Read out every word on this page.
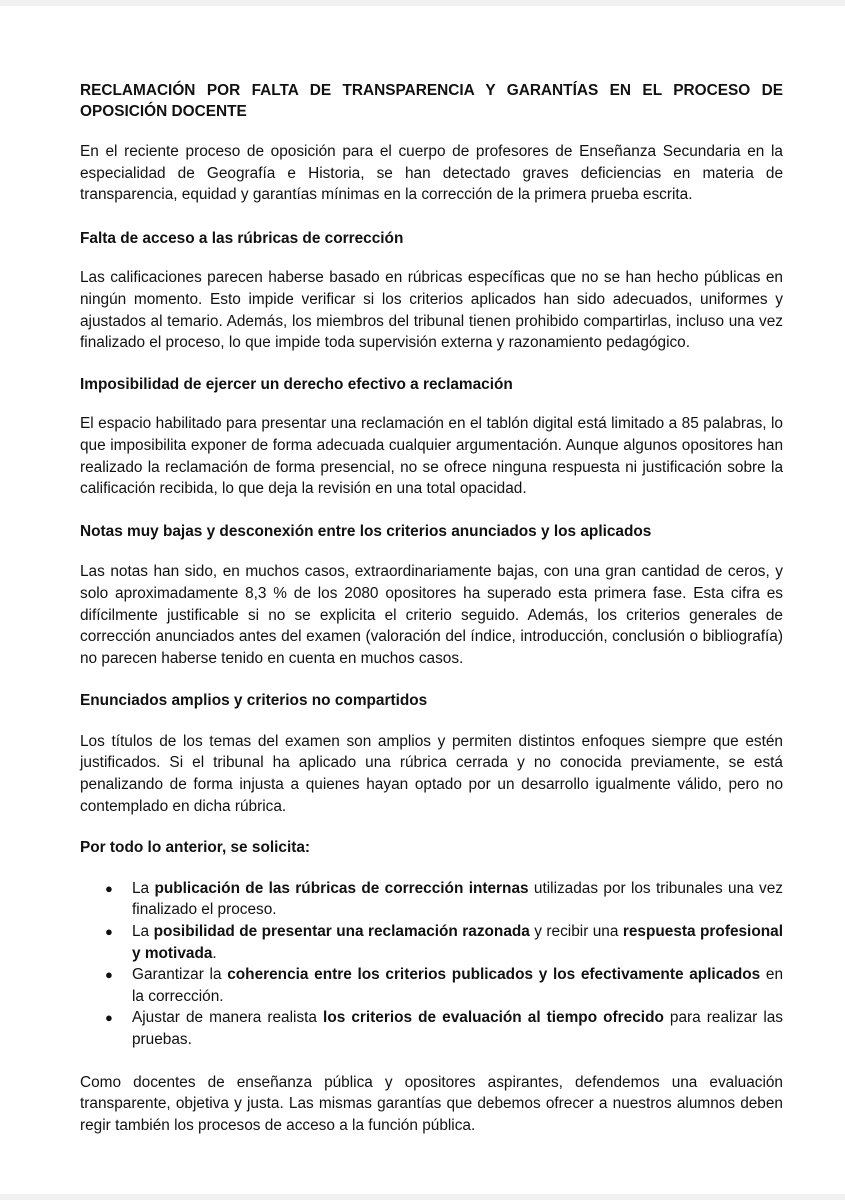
RECLAMACIÓN POR FALTA DE TRANSPARENCIA Y GARANTÍAS EN EL PROCESO DE OPOSICIÓN DOCENTE

En el reciente proceso de oposición para el cuerpo de profesores de Enseñanza Secundaria en la especialidad de Geografía e Historia, se han detectado graves deficiencias en materia de transparencia, equidad y garantías mínimas en la corrección de la primera prueba escrita.

Falta de acceso a las rúbricas de corrección

Las calificaciones parecen haberse basado en rúbricas específicas que no se han hecho públicas en ningún momento. Esto impide verificar si los criterios aplicados han sido adecuados, uniformes y ajustados al temario. Además, los miembros del tribunal tienen prohibido compartirlas, incluso una vez finalizado el proceso, lo que impide toda supervisión externa y razonamiento pedagógico.

Imposibilidad de ejercer un derecho efectivo a reclamación

El espacio habilitado para presentar una reclamación en el tablón digital está limitado a 85 palabras, lo que imposibilita exponer de forma adecuada cualquier argumentación. Aunque algunos opositores han realizado la reclamación de forma presencial, no se ofrece ninguna respuesta ni justificación sobre la calificación recibida, lo que deja la revisión en una total opacidad.

Notas muy bajas y desconexión entre los criterios anunciados y los aplicados

Las notas han sido, en muchos casos, extraordinariamente bajas, con una gran cantidad de ceros, y solo aproximadamente 8,3 % de los 2080 opositores ha superado esta primera fase. Esta cifra es difícilmente justificable si no se explicita el criterio seguido. Además, los criterios generales de corrección anunciados antes del examen (valoración del índice, introducción, conclusión o bibliografía) no parecen haberse tenido en cuenta en muchos casos.

Enunciados amplios y criterios no compartidos

Los títulos de los temas del examen son amplios y permiten distintos enfoques siempre que estén justificados. Si el tribunal ha aplicado una rúbrica cerrada y no conocida previamente, se está penalizando de forma injusta a quienes hayan optado por un desarrollo igualmente válido, pero no contemplado en dicha rúbrica.

Por todo lo anterior, se solicita:
● La publicación de las rúbricas de corrección internas utilizadas por los tribunales una vez finalizado el proceso.
● La posibilidad de presentar una reclamación razonada y recibir una respuesta profesional y motivada.
● Garantizar la coherencia entre los criterios publicados y los efectivamente aplicados en la corrección.
● Ajustar de manera realista los criterios de evaluación al tiempo ofrecido para realizar las pruebas.

Como docentes de enseñanza pública y opositores aspirantes, defendemos una evaluación transparente, objetiva y justa. Las mismas garantías que debemos ofrecer a nuestros alumnos deben regir también los procesos de acceso a la función pública.
